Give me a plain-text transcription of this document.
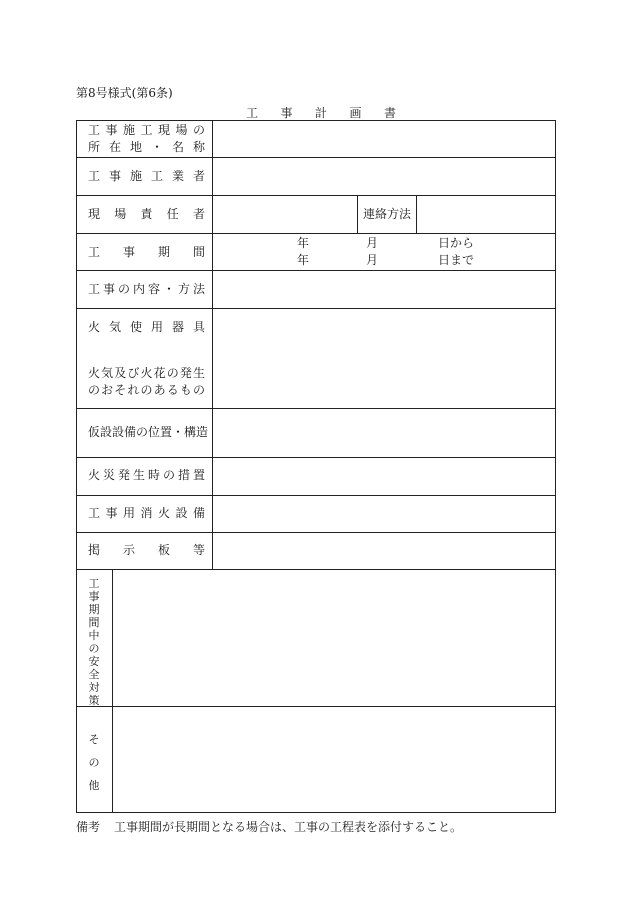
第8号様式(第6条)
工事計画書
工事施工現場の
所在地・名称
工事施工業者
現場責任者	連絡方法
工事期間
年	月	日から
年	月	日まで
工事の内容・方法
火気使用器具
火気及び火花の発生
のおそれのあるもの
仮設設備の位置・構造
火災発生時の措置
工事用消火設備
掲示板等
工事期間中の安全対策
その他
備考 工事期間が長期間となる場合は、工事の工程表を添付すること。
